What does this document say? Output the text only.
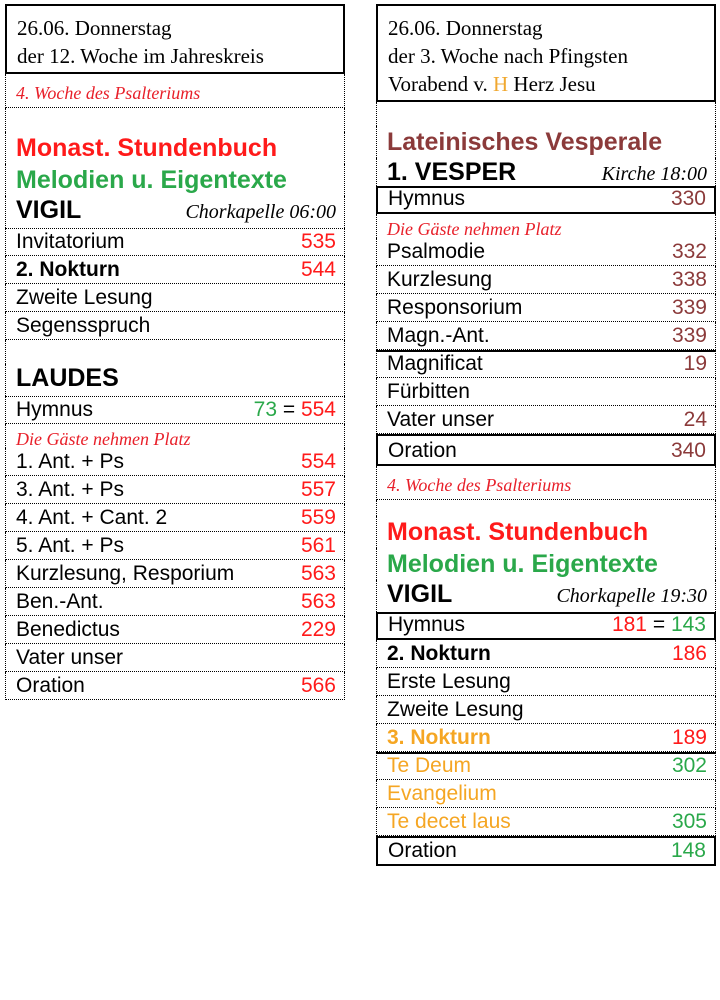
26.06. Donnerstag
der 12. Woche im Jahreskreis
4. Woche des Psalteriums
Monast. Stundenbuch
Melodien u. Eigentexte
VIGIL	Chorkapelle 06:00
Invitatorium	535
2. Nokturn	544
Zweite Lesung
Segensspruch
LAUDES
Hymnus	73 = 554
Die Gäste nehmen Platz
1. Ant. + Ps	554
3. Ant. + Ps	557
4. Ant. + Cant. 2	559
5. Ant. + Ps	561
Kurzlesung, Resporium	563
Ben.-Ant.	563
Benedictus	229
Vater unser
Oration	566
26.06. Donnerstag
der 3. Woche nach Pfingsten
Vorabend v. H Herz Jesu
Lateinisches Vesperale
1. VESPER	Kirche 18:00
Hymnus	330
Die Gäste nehmen Platz
Psalmodie	332
Kurzlesung	338
Responsorium	339
Magn.-Ant.	339
Magnificat	19
Fürbitten
Vater unser	24
Oration	340
4. Woche des Psalteriums
Monast. Stundenbuch
Melodien u. Eigentexte
VIGIL	Chorkapelle 19:30
Hymnus	181 = 143
2. Nokturn	186
Erste Lesung
Zweite Lesung
3. Nokturn	189
Te Deum	302
Evangelium
Te decet laus	305
Oration	148
